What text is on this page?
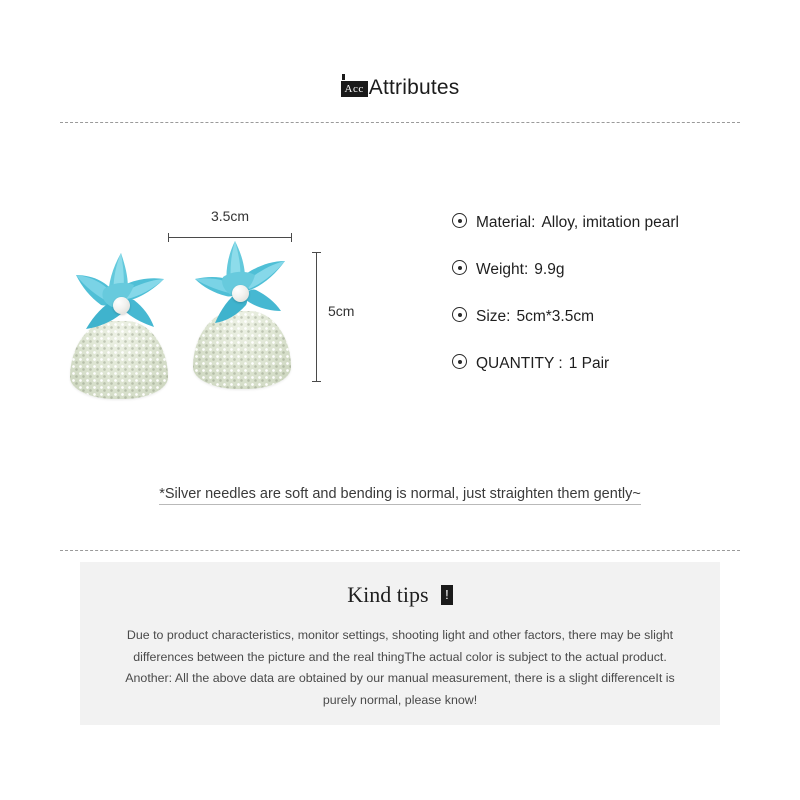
Acc Attributes
3.5cm
5cm
Material: Alloy, imitation pearl
Weight: 9.9g
Size: 5cm*3.5cm
QUANTITY : 1 Pair
*Silver needles are soft and bending is normal, just straighten them gently~
Kind tips !
Due to product characteristics, monitor settings, shooting light and other factors, there may be slight differences between the picture and the real thingThe actual color is subject to the actual product. Another: All the above data are obtained by our manual measurement, there is a slight differenceIt is purely normal, please know!
